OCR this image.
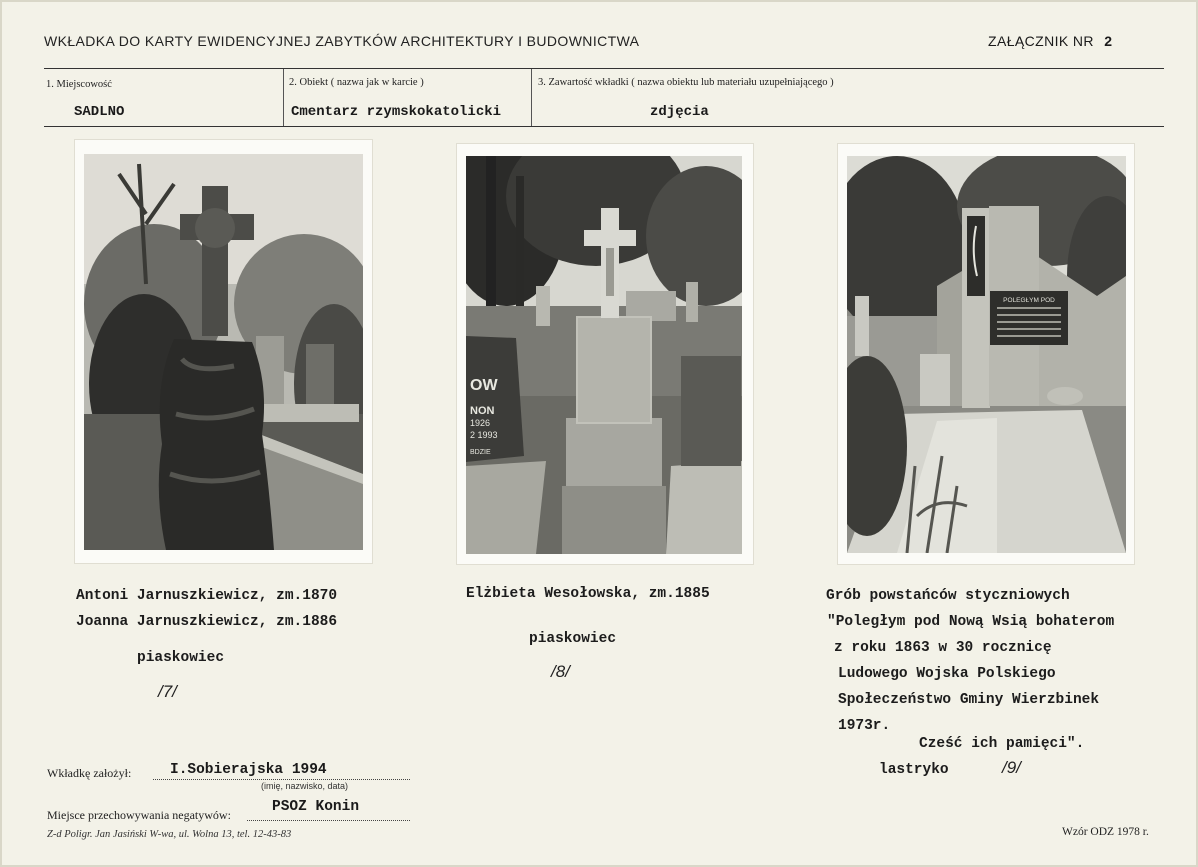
WKŁADKA DO KARTY EWIDENCYJNEJ ZABYTKÓW ARCHITEKTURY I BUDOWNICTWA	ZAŁĄCZNIK NR 2
1. Miejscowość
SADLNO
2. Obiekt ( nazwa jak w karcie )
Cmentarz rzymskokatolicki
3. Zawartość wkładki ( nazwa obiektu lub materiału uzupełniającego )
zdjęcia
OW
NON
1926
2 1993
BDZIE
POLEGŁYM POD
Antoni Jarnuszkiewicz, zm.1870
Joanna Jarnuszkiewicz, zm.1886
piaskowiec
/7/
Elżbieta Wesołowska, zm.1885
piaskowiec
/8/
Grób powstańców styczniowych
"Poległym pod Nową Wsią bohaterom
z roku 1863 w 30 rocznicę
Ludowego Wojska Polskiego
Społeczeństwo Gminy Wierzbinek
1973r.
Cześć ich pamięci".
lastryko	/9/
Wkładkę założył:	I.Sobierajska 1994
(imię, nazwisko, data)
Miejsce przechowywania negatywów:	PSOZ Konin
Z-d Poligr. Jan Jasiński W-wa, ul. Wolna 13, tel. 12-43-83	Wzór ODZ 1978 r.
